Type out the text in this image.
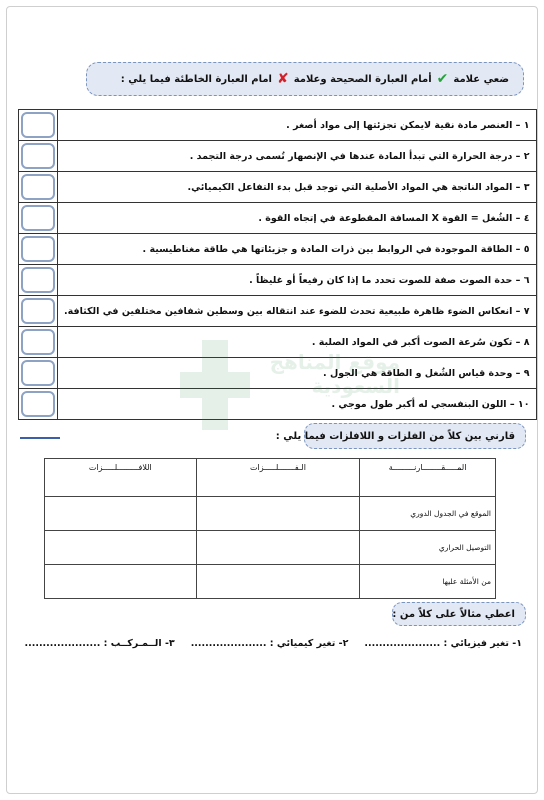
ضعي علامة
✔
أمام العبارة الصحيحة وعلامة
✘
امام العبارة الخاطئة فيما يلي :
١ – العنصر مادة نقية لايمكن تجزئتها إلى مواد أصغر .	

٢ – درجة الحرارة التي تبدأ المادة عندها في الإنصهار تُسمى درجة التجمد .	

٣ – المواد الناتجة هي المواد الأصلية التي توجد قبل بدء التفاعل الكيميائي.	

٤ – الشُغل = القوة X المسافة المقطوعة في إتجاه القوة .	

٥ – الطاقة الموجودة في الروابط بين ذرات المادة و جزيئاتها هي طاقة مغناطيسية .	

٦ – حدة الصوت صفة للصوت تحدد ما إذا كان رفيعاً أو غليظاً .	

٧ – انعكاس الضوء ظاهرة طبيعية تحدث للضوء عند انتقاله بين وسطين شفافين مختلفين في الكثافة.	

٨ – تكون سُرعة الصوت أكبر في المواد الصلبة .	

٩ – وحدة قياس الشُغل و الطاقة هي الجول .	

١٠ – اللون البنفسجي له أكبر طول موجي .	
موقع المناهج السعودية
قارني بين كلاً من الفلزات و اللافلزات فيما يلي :
المـــــقــــــــارنـــــــــة	الـفـــــــلـــــزات	اللافـــــــــلـــــزات
الموقع في الجدول الدوري		
التوصيل الحراري		
من الأمثلة عليها		
اعطي مثالاً على كلاً من :
١- تغير فيزيائي : .....................
٢- تغير كيميائي : .....................
٣- الــمـركــب : .....................
